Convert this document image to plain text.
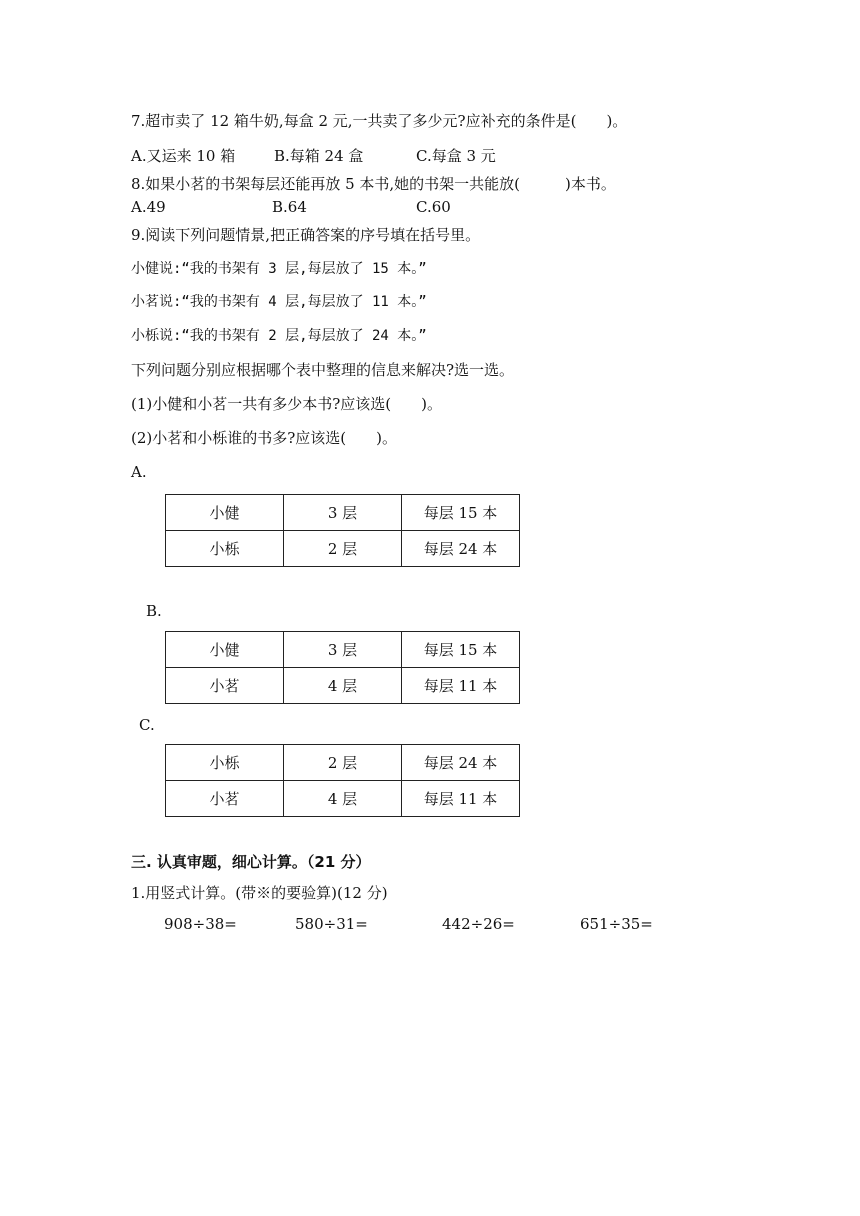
7.超市卖了 12 箱牛奶,每盒 2 元,一共卖了多少元?应补充的条件是(　　)。
A.又运来 10 箱	B.每箱 24 盒	C.每盒 3 元
8.如果小茗的书架每层还能再放 5 本书,她的书架一共能放(　　　)本书。
A.49	B.64	C.60
9.阅读下列问题情景,把正确答案的序号填在括号里。
小健说:“我的书架有 3 层,每层放了 15 本。”
小茗说:“我的书架有 4 层,每层放了 11 本。”
小栎说:“我的书架有 2 层,每层放了 24 本。”
下列问题分别应根据哪个表中整理的信息来解决?选一选。
(1)小健和小茗一共有多少本书?应该选(　　)。
(2)小茗和小栎谁的书多?应该选(　　)。
A.
小健	3 层	每层 15 本
小栎	2 层	每层 24 本
B.
小健	3 层	每层 15 本
小茗	4 层	每层 11 本
C.
小栎	2 层	每层 24 本
小茗	4 层	每层 11 本
三. 认真审题，细心计算。（21 分）
1.用竖式计算。(带※的要验算)(12 分)
908÷38=	580÷31=	442÷26=	651÷35=
